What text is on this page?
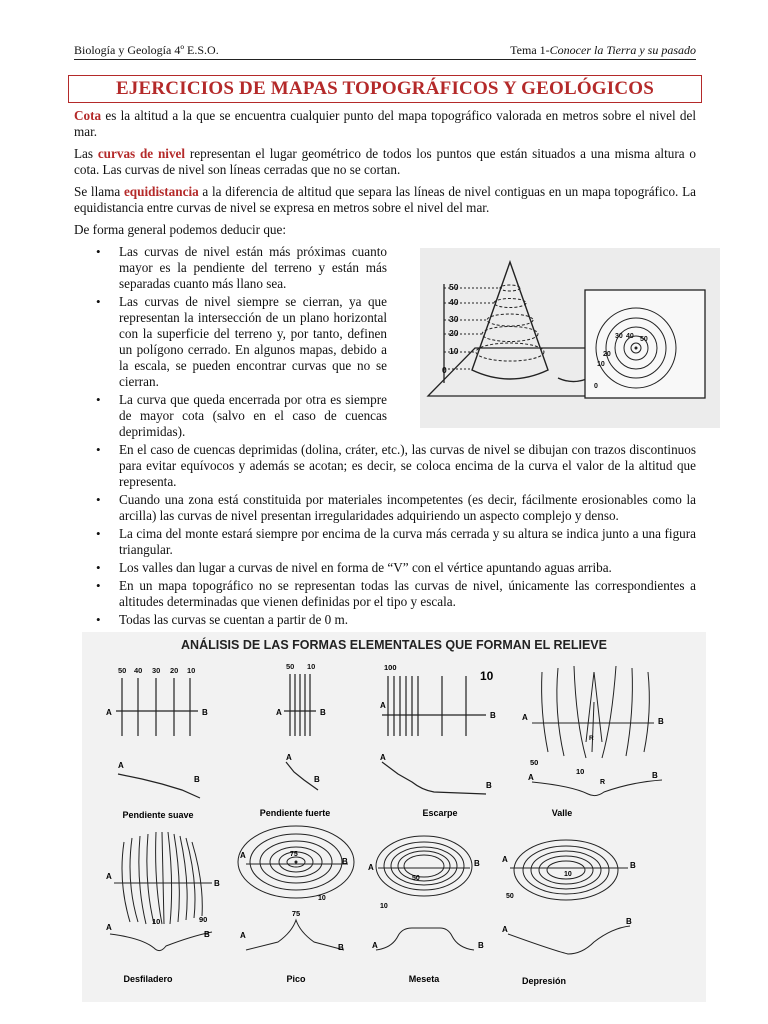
Biología y Geología 4º E.S.O.	Tema 1-Conocer la Tierra y su pasado
EJERCICIOS DE MAPAS TOPOGRÁFICOS Y GEOLÓGICOS

Cota es la altitud a la que se encuentra cualquier punto del mapa topográfico valorada en metros sobre el nivel del mar.

Las curvas de nivel representan el lugar geométrico de todos los puntos que están situados a una misma altura o cota. Las curvas de nivel son líneas cerradas que no se cortan.

Se llama equidistancia a la diferencia de altitud que separa las líneas de nivel contiguas en un mapa topográfico. La equidistancia entre curvas de nivel se expresa en metros sobre el nivel del mar.

De forma general podemos deducir que:

• Las curvas de nivel están más próximas cuanto mayor es la pendiente del terreno y están más separadas cuanto más llano sea.
• Las curvas de nivel siempre se cierran, ya que representan la intersección de un plano horizontal con la superficie del terreno y, por tanto, definen un polígono cerrado. En algunos mapas, debido a la escala, se pueden encontrar curvas que no se cierran.
• La curva que queda encerrada por otra es siempre de mayor cota (salvo en el caso de cuencas deprimidas).
• En el caso de cuencas deprimidas (dolina, cráter, etc.), las curvas de nivel se dibujan con trazos discontinuos para evitar equívocos y además se acotan; es decir, se coloca encima de la curva el valor de la altitud que representa.
• Cuando una zona está constituida por materiales incompetentes (es decir, fácilmente erosionables como la arcilla) las curvas de nivel presentan irregularidades adquiriendo un aspecto complejo y denso.
• La cima del monte estará siempre por encima de la curva más cerrada y su altura se indica junto a una figura triangular.
• Los valles dan lugar a curvas de nivel en forma de “V” con el vértice apuntando aguas arriba.
• En un mapa topográfico no se representan todas las curvas de nivel, únicamente las correspondientes a altitudes determinadas que vienen definidas por el tipo y escala.
• Todas las curvas se cuentan a partir de 0 m.
50
40
30
20
10
0
50
40
30
20
10
0
ANÁLISIS DE LAS FORMAS ELEMENTALES QUE FORMAN EL RELIEVE
50 40 30 20 10
A	B
A
B
Pendiente suave
50 10
A	B
A
B
Pendiente fuerte
100
10
A
B
A
B
Escarpe
A	B
R
50
10
A	B
R
Valle
A
B
10	90
A
B
Desfiladero
75
10
A
B
75
A
B
Pico
50
10
A	B
A	B
Meseta
10
50
A
B
A
B
Depresión
